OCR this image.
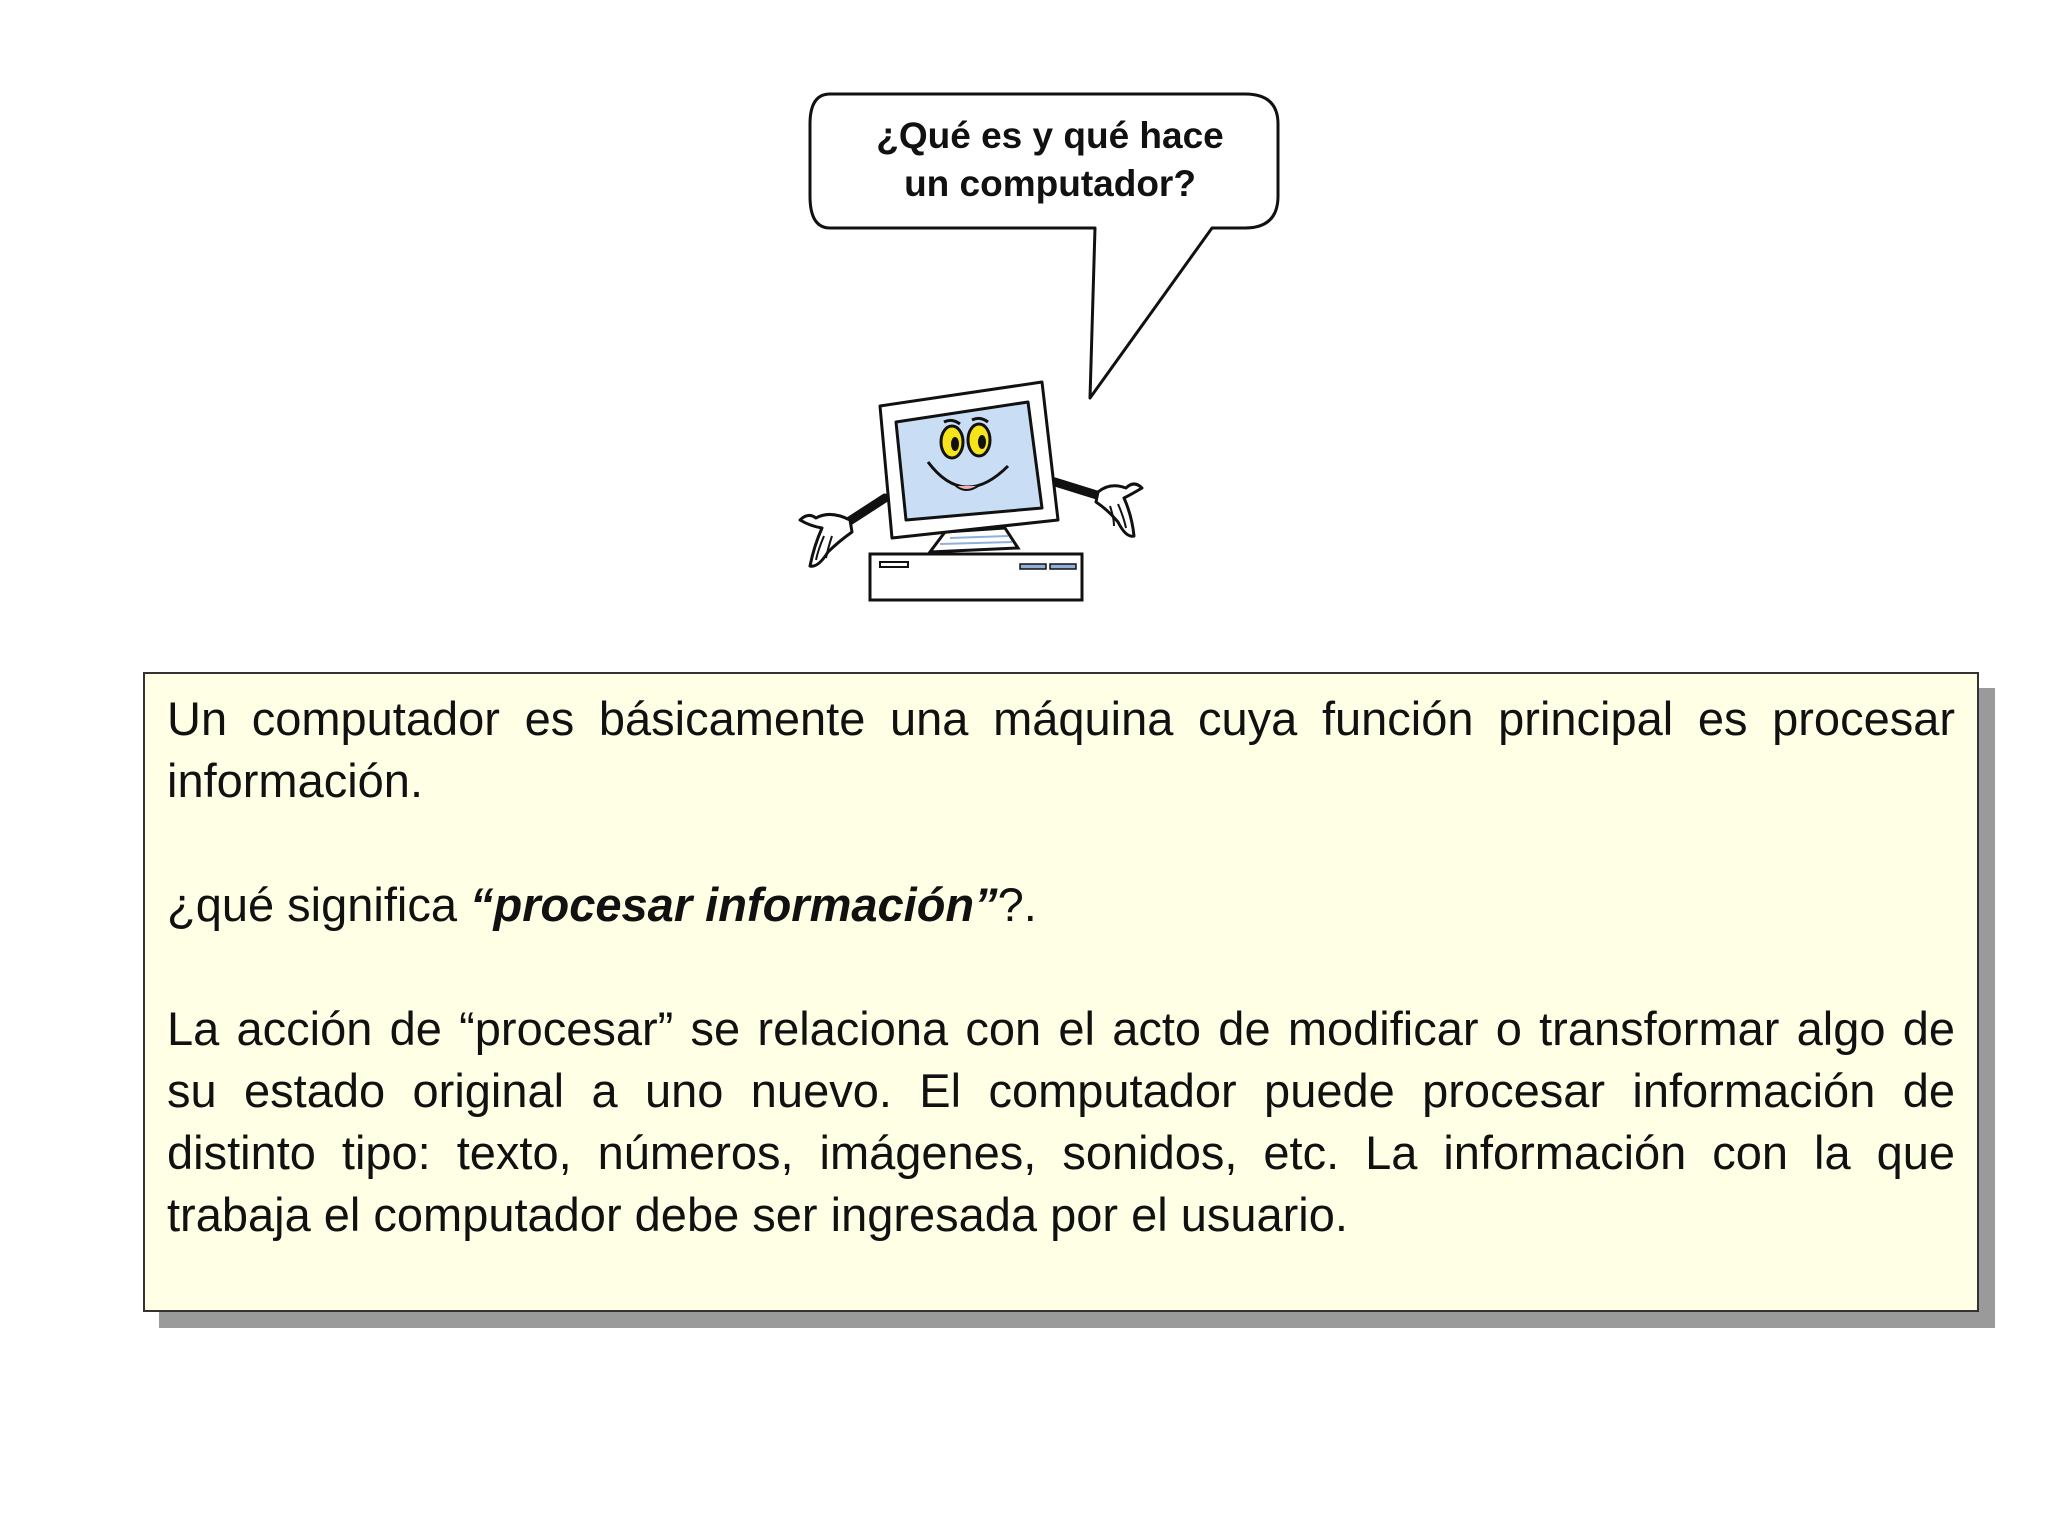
¿Qué es y qué hace
un computador?

Un computador es básicamente una máquina cuya función principal es procesar información.

¿qué significa “procesar información”?.

La acción de “procesar” se relaciona con el acto de modificar o transformar algo de su estado original a uno nuevo. El computador puede procesar información de distinto tipo: texto, números, imágenes, sonidos, etc. La información con la que trabaja el computador debe ser ingresada por el usuario.
